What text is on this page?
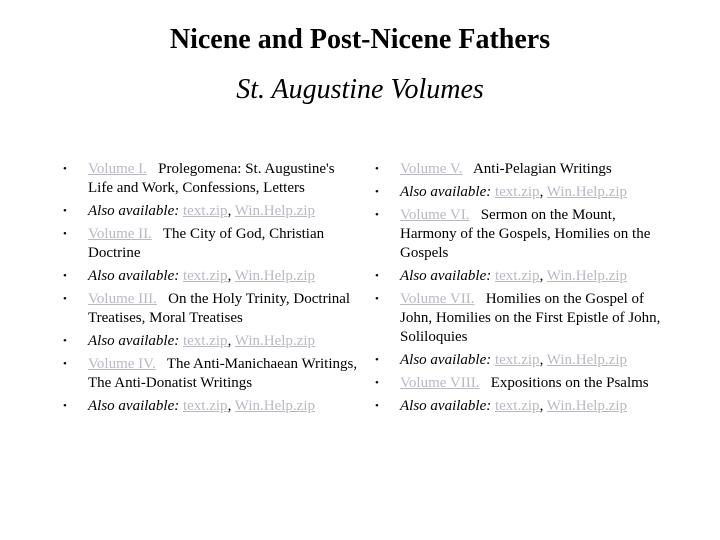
Nicene and Post-Nicene Fathers
St. Augustine Volumes
• Volume I. Prolegomena: St. Augustine's Life and Work, Confessions, Letters
• Also available: text.zip, Win.Help.zip
• Volume II. The City of God, Christian Doctrine
• Also available: text.zip, Win.Help.zip
• Volume III. On the Holy Trinity, Doctrinal Treatises, Moral Treatises
• Also available: text.zip, Win.Help.zip
• Volume IV. The Anti-Manichaean Writings, The Anti-Donatist Writings
• Also available: text.zip, Win.Help.zip
• Volume V. Anti-Pelagian Writings
• Also available: text.zip, Win.Help.zip
• Volume VI. Sermon on the Mount, Harmony of the Gospels, Homilies on the Gospels
• Also available: text.zip, Win.Help.zip
• Volume VII. Homilies on the Gospel of John, Homilies on the First Epistle of John, Soliloquies
• Also available: text.zip, Win.Help.zip
• Volume VIII. Expositions on the Psalms
• Also available: text.zip, Win.Help.zip
